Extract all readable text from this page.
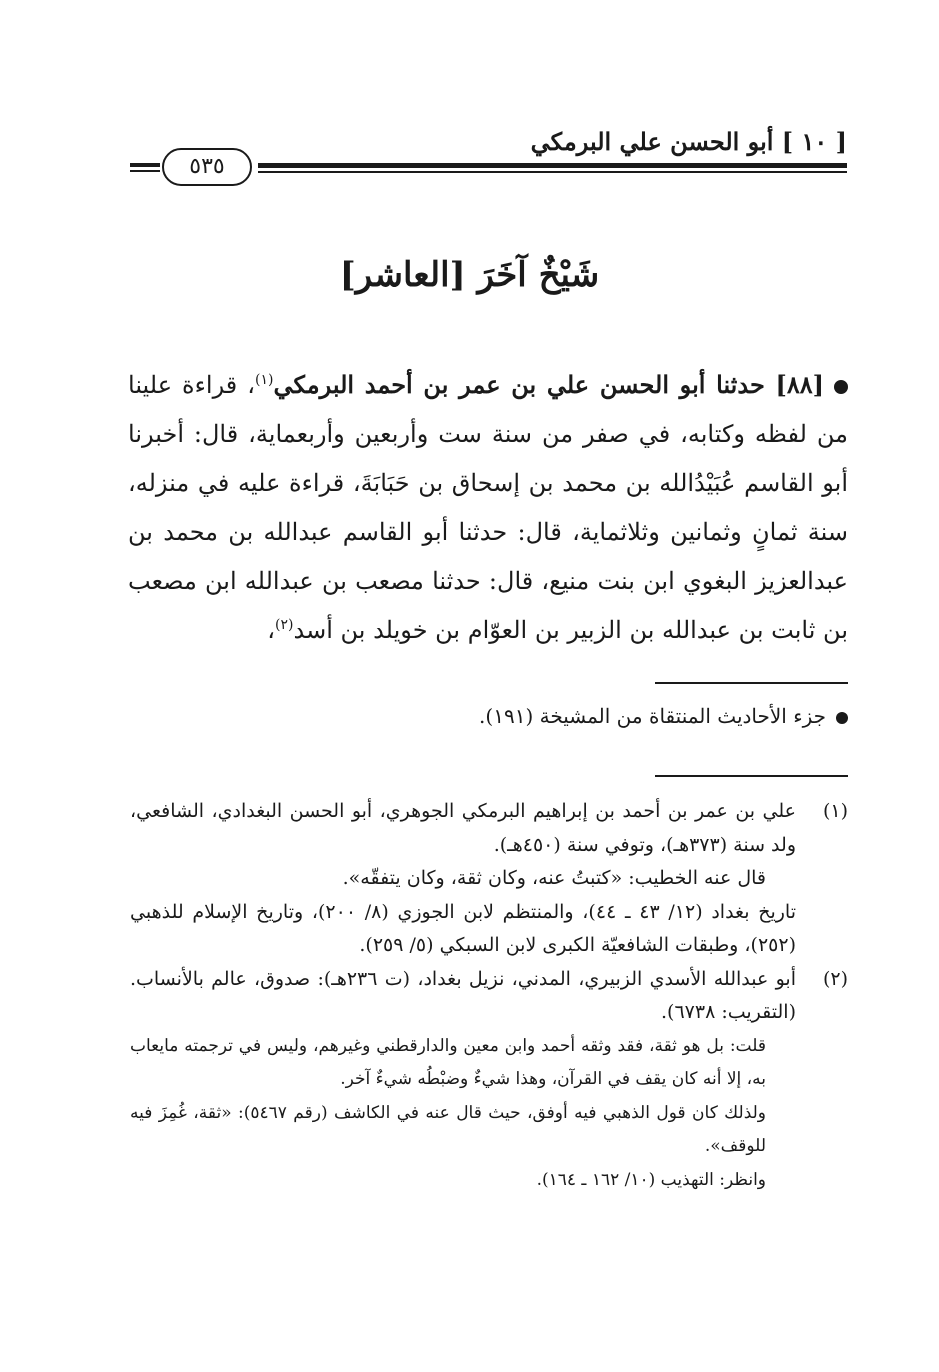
[ ١٠ ] أبو الحسن علي البرمكي
٥٣٥
شَيْخٌ آخَرَ [العاشر]

[٨٨] حدثنا أبو الحسن علي بن عمر بن أحمد البرمكي$^{(١)}$، قراءة علينا من لفظه وكتابه، في صفر من سنة ست وأربعين وأربعماية، قال: أخبرنا أبو القاسم عُبَيْدُالله بن محمد بن إسحاق بن حَبَابَةَ، قراءة عليه في منزله، سنة ثمانٍ وثمانين وثلاثماية، قال: حدثنا أبو القاسم عبدالله بن محمد بن عبدالعزيز البغوي ابن بنت منيع، قال: حدثنا مصعب بن عبدالله ابن مصعب بن ثابت بن عبدالله بن الزبير بن العوّام بن خويلد بن أسد$^{(٢)}$،

جزء الأحاديث المنتقاة من المشيخة (١٩١).
(١)
علي بن عمر بن أحمد بن إبراهيم البرمكي الجوهري، أبو الحسن البغدادي، الشافعي، ولد سنة (٣٧٣هـ)، وتوفي سنة (٤٥٠هـ).
قال عنه الخطيب: «كتبتُ عنه، وكان ثقة، وكان يتفقّه».
تاريخ بغداد (١٢/ ٤٣ ـ ٤٤)، والمنتظم لابن الجوزي (٨/ ٢٠٠)، وتاريخ الإسلام للذهبي (٢٥٢)، وطبقات الشافعيّة الكبرى لابن السبكي (٥/ ٢٥٩).
(٢)
أبو عبدالله الأسدي الزبيري، المدني، نزيل بغداد، (ت ٢٣٦هـ): صدوق، عالم بالأنساب. (التقريب: ٦٧٣٨).
قلت: بل هو ثقة، فقد وثقه أحمد وابن معين والدارقطني وغيرهم، وليس في ترجمته مايعاب به، إلا أنه كان يقف في القرآن، وهذا شيءٌ وضبْطُه شيءٌ آخر.
ولذلك كان قول الذهبي فيه أوفق، حيث قال عنه في الكاشف (رقم ٥٤٦٧): «ثقة، غُمِزَ فيه للوقف».
وانظر: التهذيب (١٠/ ١٦٢ ـ ١٦٤).
